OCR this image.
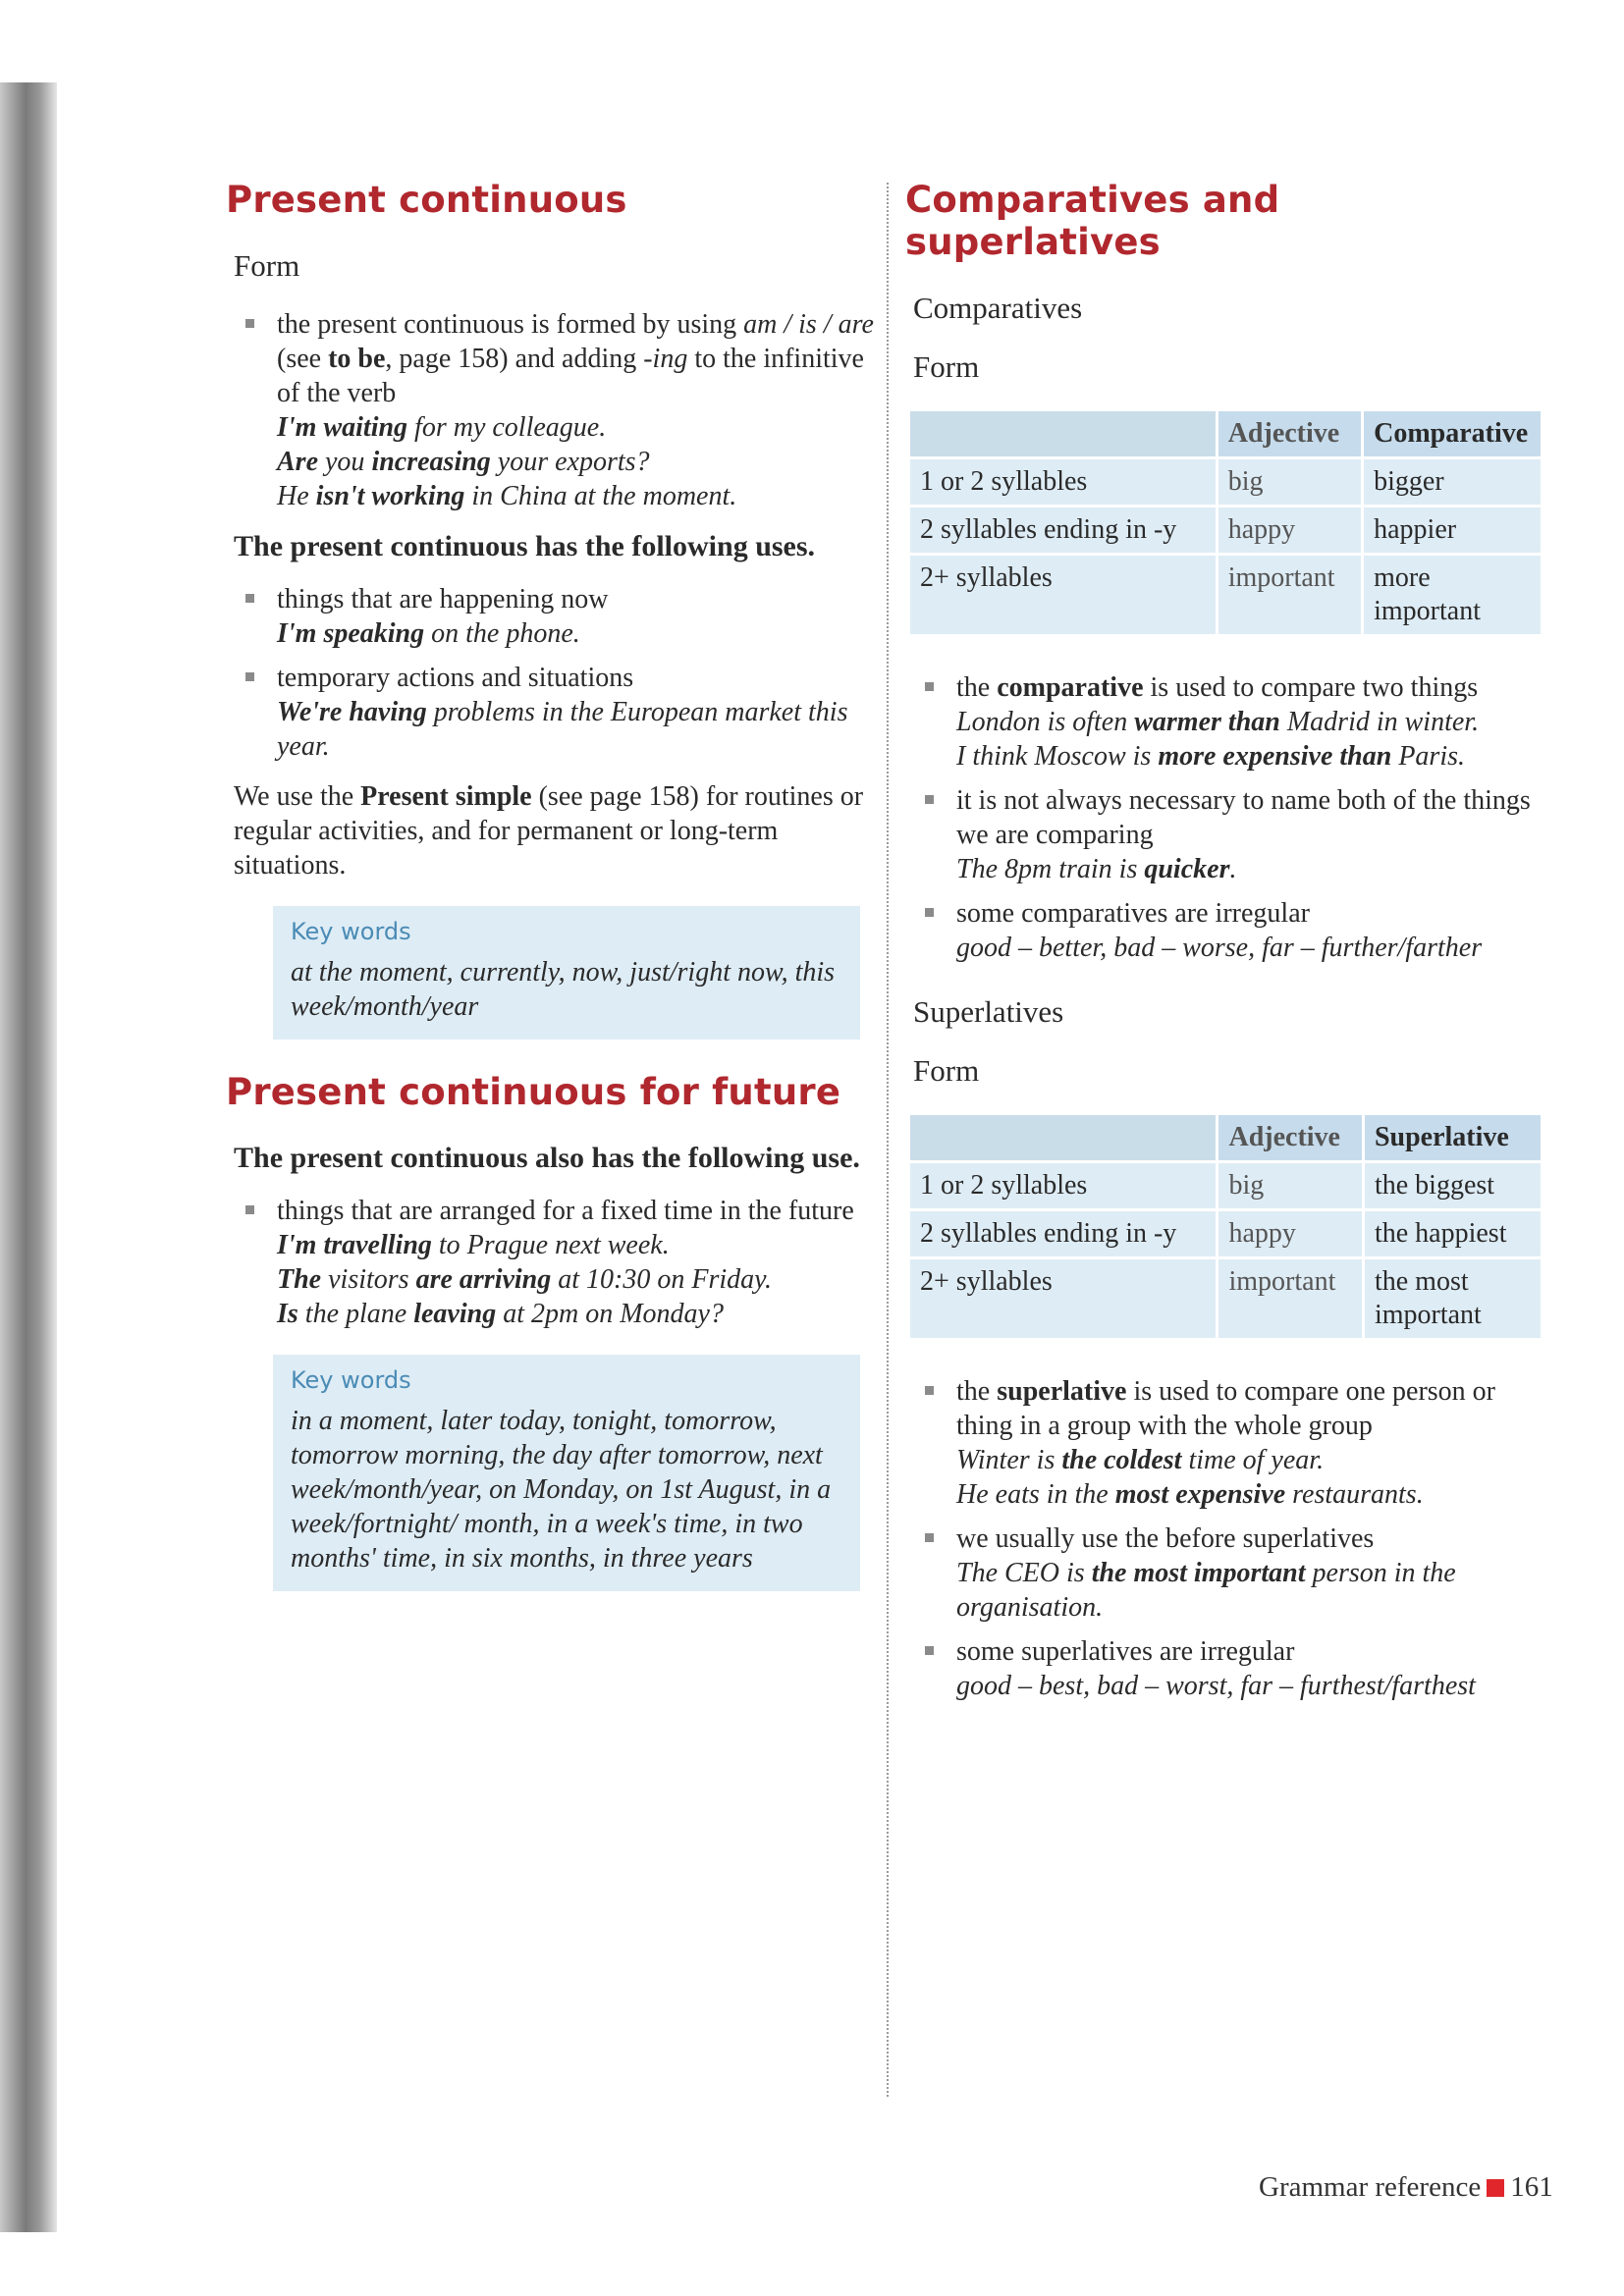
Present continuous
Form
the present continuous is formed by using am / is / are (see to be, page 158) and adding -ing to the infinitive of the verb
I'm waiting for my colleague.
Are you increasing your exports?
He isn't working in China at the moment.
The present continuous has the following uses.
things that are happening now
I'm speaking on the phone.
temporary actions and situations
We're having problems in the European market this year.

We use the Present simple (see page 158) for routines or regular activities, and for permanent or long-term situations.

Key words
at the moment, currently, now, just/right now, this week/month/year
Present continuous for future
The present continuous also has the following use.
things that are arranged for a fixed time in the future
I'm travelling to Prague next week.
The visitors are arriving at 10:30 on Friday.
Is the plane leaving at 2pm on Monday?
Key words
in a moment, later today, tonight, tomorrow, tomorrow morning, the day after tomorrow, next week/month/year, on Monday, on 1st August, in a week/fortnight/ month, in a week's time, in two months' time, in six months, in three years
Comparatives and superlatives
Comparatives
Form
	Adjective	Comparative
1 or 2 syllables	big	bigger
2 syllables ending in -y	happy	happier
2+ syllables	important	more important
the comparative is used to compare two things
London is often warmer than Madrid in winter.
I think Moscow is more expensive than Paris.
it is not always necessary to name both of the things we are comparing
The 8pm train is quicker.
some comparatives are irregular
good – better, bad – worse, far – further/farther
Superlatives
Form
	Adjective	Superlative
1 or 2 syllables	big	the biggest
2 syllables ending in -y	happy	the happiest
2+ syllables	important	the most important
the superlative is used to compare one person or thing in a group with the whole group
Winter is the coldest time of year.
He eats in the most expensive restaurants.
we usually use the before superlatives
The CEO is the most important person in the organisation.
some superlatives are irregular
good – best, bad – worst, far – furthest/farthest
Grammar reference 161
